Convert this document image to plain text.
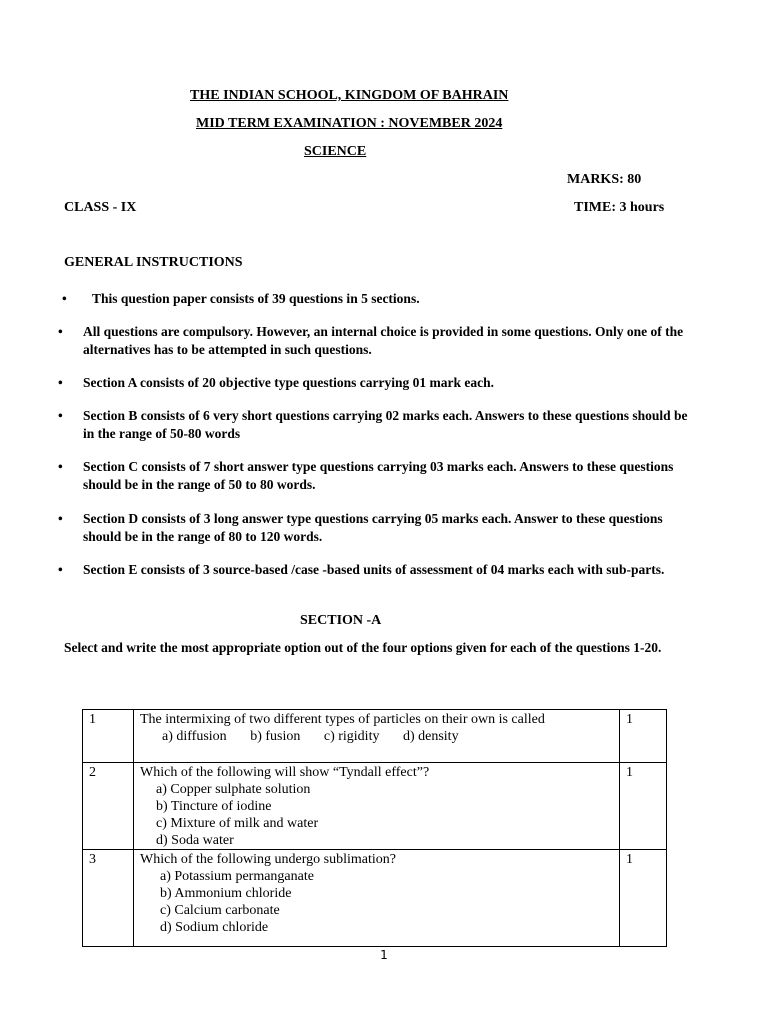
THE INDIAN SCHOOL, KINGDOM OF BAHRAIN
MID TERM EXAMINATION : NOVEMBER 2024
SCIENCE
MARKS: 80
CLASS - IX	TIME: 3 hours
GENERAL INSTRUCTIONS
• This question paper consists of 39 questions in 5 sections.
• All questions are compulsory. However, an internal choice is provided in some questions. Only one of the alternatives has to be attempted in such questions.
• Section A consists of 20 objective type questions carrying 01 mark each.
• Section B consists of 6 very short questions carrying 02 marks each. Answers to these questions should be in the range of 50-80 words
• Section C consists of 7 short answer type questions carrying 03 marks each. Answers to these questions should be in the range of 50 to 80 words.
• Section D consists of 3 long answer type questions carrying 05 marks each. Answer to these questions should be in the range of 80 to 120 words.
• Section E consists of 3 source-based /case -based units of assessment of 04 marks each with sub-parts.
SECTION -A
Select and write the most appropriate option out of the four options given for each of the questions 1-20.
1	The intermixing of two different types of particles on their own is called
a) diffusion b) fusion c) rigidity d) density	1
2	Which of the following will show “Tyndall effect”?
a) Copper sulphate solution
b) Tincture of iodine
c) Mixture of milk and water
d) Soda water	1
3	Which of the following undergo sublimation?
a) Potassium permanganate
b) Ammonium chloride
c) Calcium carbonate
d) Sodium chloride	1
1
